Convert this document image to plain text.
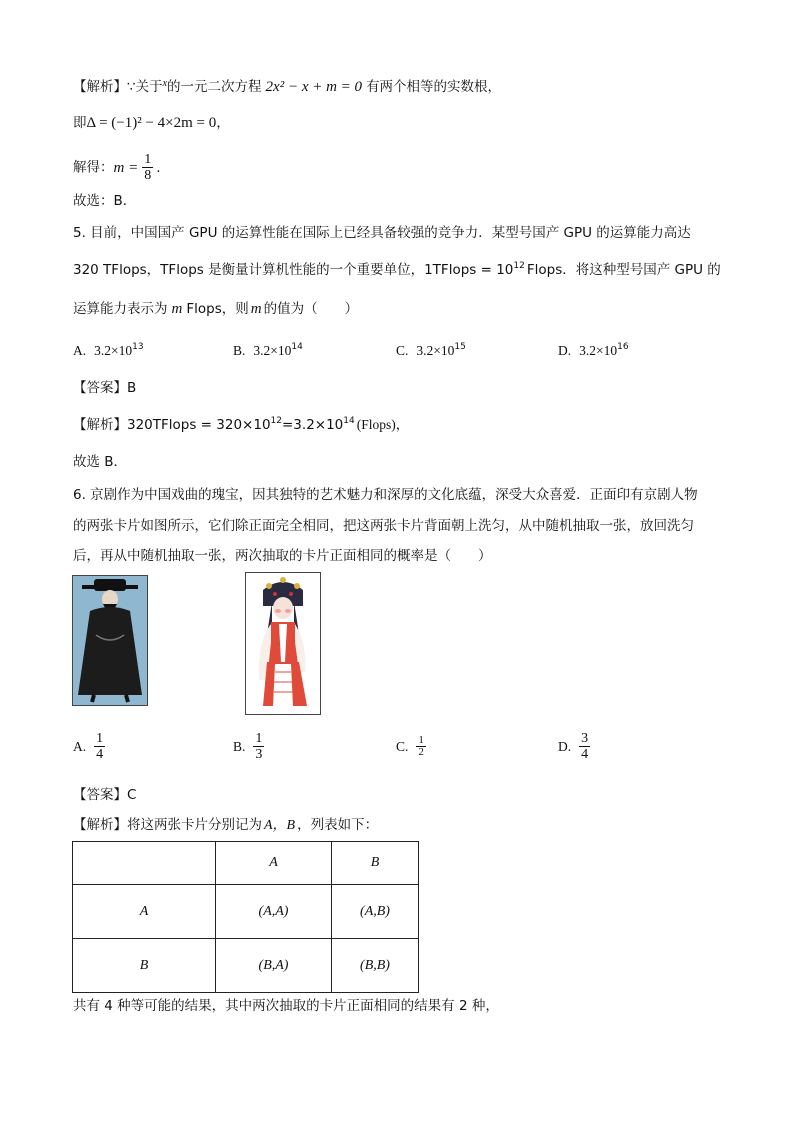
【解析】∵关于$^x$的一元二次方程 2x² − x + m = 0 有两个相等的实数根，
即Δ = (−1)² − 4×2m = 0，
解得：$m = \frac{1}{8}$ .
故选：B．
5. 目前，中国国产 GPU 的运算性能在国际上已经具备较强的竞争力．某型号国产 GPU 的运算能力高达
320 TFlops，TFlops 是衡量计算机性能的一个重要单位，1TFlops = $10^{12}$ Flops．将这种型号国产 GPU 的
运算能力表示为 m Flops，则 m 的值为（　　）
A. $3.2\times 10^{13}$	B. $3.2\times 10^{14}$	C. $3.2\times 10^{15}$	D. $3.2\times 10^{16}$
【答案】B
【解析】320TFlops = $320\times 10^{12}=3.2\times 10^{14}$ (Flops)，
故选 B．
6. 京剧作为中国戏曲的瑰宝，因其独特的艺术魅力和深厚的文化底蕴，深受大众喜爱．正面印有京剧人物
的两张卡片如图所示，它们除正面完全相同，把这两张卡片背面朝上洗匀，从中随机抽取一张，放回洗匀
后，再从中随机抽取一张，两次抽取的卡片正面相同的概率是（　　）
A. $\frac{1}{4}$	B. $\frac{1}{3}$	C. $\frac{1}{2}$	D. $\frac{3}{4}$
【答案】C
【解析】将这两张卡片分别记为 A，B ，列表如下：
	A	B
A	(A,A)	(A,B)
B	(B,A)	(B,B)
共有 4 种等可能的结果，其中两次抽取的卡片正面相同的结果有 2 种，
